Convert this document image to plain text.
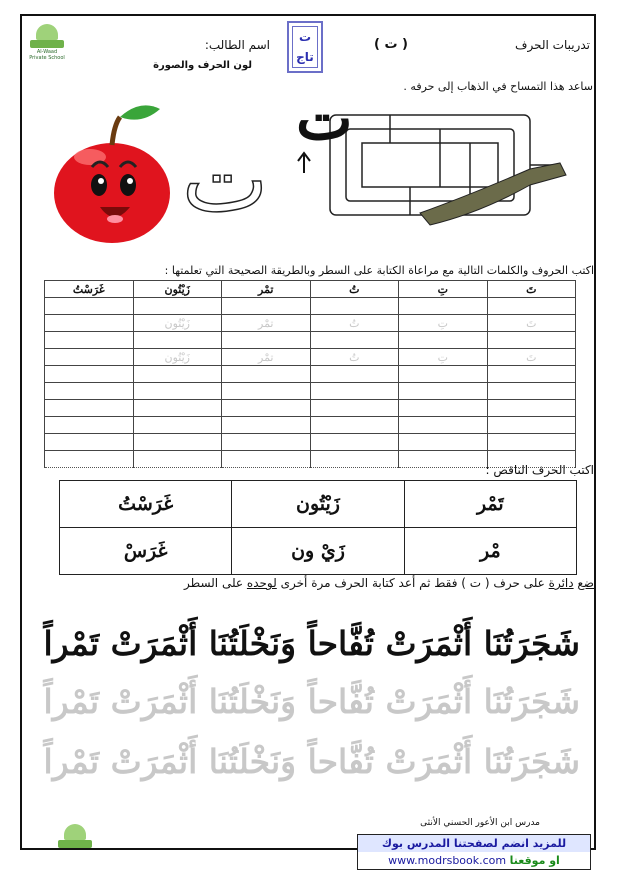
Al-Waad Private School
تدريبات الحرف
( ت )
ت
تاج
اسم الطالب:
لون الحرف والصورة
ساعد هذا التمساح في الذهاب إلى حرفه .
ت
ت
اكتب الحروف والكلمات التالية مع مراعاة الكتابة على السطر وبالطريقة الصحيحة التي تعلمتها :
غَرَسْتُ	زَيْتُون	تمْر	تُ	تِ	تَ

	زَيْتُون	تمْر	تُ	تِ	تَ

	زَيْتُون	تمْر	تُ	تِ	تَ

اكتب الحرف الناقص :
غَرَسْتُ	زَيْتُون	تَمْر
غَرَسْ	زَيْ ون	مْر
ضع دائرة على حرف ( ت ) فقط ثم أعد كتابة الحرف مرة أخرى لوحده على السطر
شَجَرَتُنَا أَثْمَرَتْ تُفَّاحاً وَنَخْلَتُنَا أَثْمَرَتْ تَمْراً
شَجَرَتُنَا أَثْمَرَتْ تُفَّاحاً وَنَخْلَتُنَا أَثْمَرَتْ تَمْراً
شَجَرَتُنَا أَثْمَرَتْ تُفَّاحاً وَنَخْلَتُنَا أَثْمَرَتْ تَمْراً
مدرس ابن الأعور الحسني الأنثى
للمزيد انضم لصفحتنا المدرس بوك
www.modrsbook.com او موقعنا
